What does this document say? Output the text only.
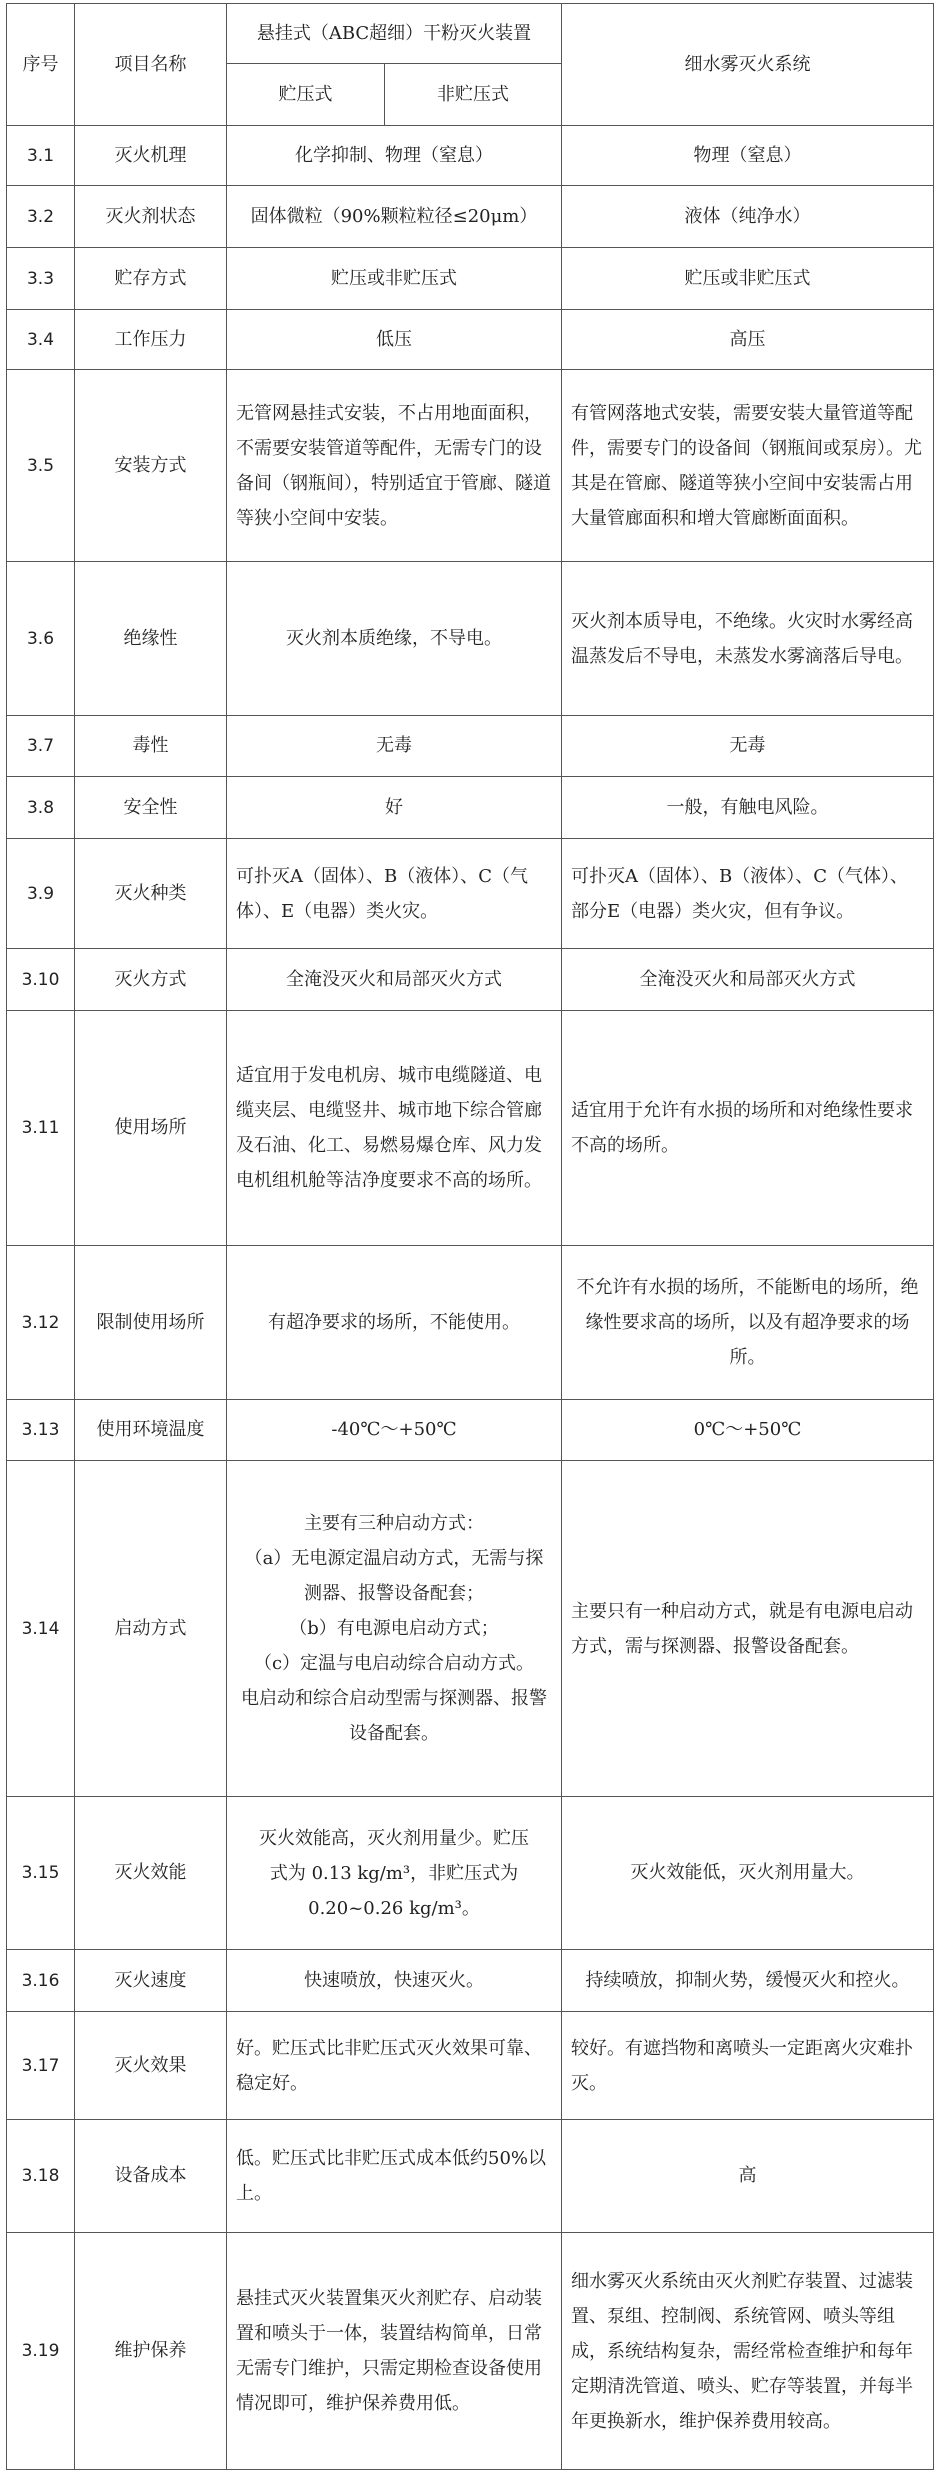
序号	项目名称	悬挂式（ABC超细）干粉灭火装置		细水雾灭火系统
		贮压式	非贮压式	
3.1	灭火机理	化学抑制、物理（窒息）		物理（窒息）
3.2	灭火剂状态	固体微粒（90%颗粒粒径≤20μm）		液体（纯净水）
3.3	贮存方式	贮压或非贮压式		贮压或非贮压式
3.4	工作压力	低压		高压
3.5	安装方式	无管网悬挂式安装，不占用地面面积，不需要安装管道等配件，无需专门的设备间（钢瓶间），特别适宜于管廊、隧道等狭小空间中安装。		有管网落地式安装，需要安装大量管道等配件，需要专门的设备间（钢瓶间或泵房）。尤其是在管廊、隧道等狭小空间中安装需占用大量管廊面积和增大管廊断面面积。
3.6	绝缘性	灭火剂本质绝缘，不导电。		灭火剂本质导电，不绝缘。火灾时水雾经高温蒸发后不导电，未蒸发水雾滴落后导电。
3.7	毒性	无毒		无毒
3.8	安全性	好		一般，有触电风险。
3.9	灭火种类	可扑灭A（固体）、B（液体）、C（气体）、E（电器）类火灾。		可扑灭A（固体）、B（液体）、C（气体）、部分E（电器）类火灾，但有争议。
3.10	灭火方式	全淹没灭火和局部灭火方式		全淹没灭火和局部灭火方式
3.11	使用场所	适宜用于发电机房、城市电缆隧道、电缆夹层、电缆竖井、城市地下综合管廊及石油、化工、易燃易爆仓库、风力发电机组机舱等洁净度要求不高的场所。		适宜用于允许有水损的场所和对绝缘性要求不高的场所。
3.12	限制使用场所	有超净要求的场所，不能使用。		不允许有水损的场所，不能断电的场所，绝缘性要求高的场所，以及有超净要求的场所。
3.13	使用环境温度	-40℃～+50℃		0℃～+50℃
3.14	启动方式	主要有三种启动方式：
（a）无电源定温启动方式，无需与探测器、报警设备配套；
（b）有电源电启动方式；
（c）定温与电启动综合启动方式。
电启动和综合启动型需与探测器、报警设备配套。		主要只有一种启动方式，就是有电源电启动方式，需与探测器、报警设备配套。
3.15	灭火效能	灭火效能高，灭火剂用量少。贮压
式为 0.13 kg/m³，非贮压式为
0.20~0.26 kg/m³。		灭火效能低，灭火剂用量大。
3.16	灭火速度	快速喷放，快速灭火。		持续喷放，抑制火势，缓慢灭火和控火。
3.17	灭火效果	好。贮压式比非贮压式灭火效果可靠、稳定好。		较好。有遮挡物和离喷头一定距离火灾难扑灭。
3.18	设备成本	低。贮压式比非贮压式成本低约50%以上。		高
3.19	维护保养	悬挂式灭火装置集灭火剂贮存、启动装置和喷头于一体，装置结构简单，日常无需专门维护，只需定期检查设备使用情况即可，维护保养费用低。		细水雾灭火系统由灭火剂贮存装置、过滤装置、泵组、控制阀、系统管网、喷头等组成，系统结构复杂，需经常检查维护和每年定期清洗管道、喷头、贮存等装置，并每半年更换新水，维护保养费用较高。
